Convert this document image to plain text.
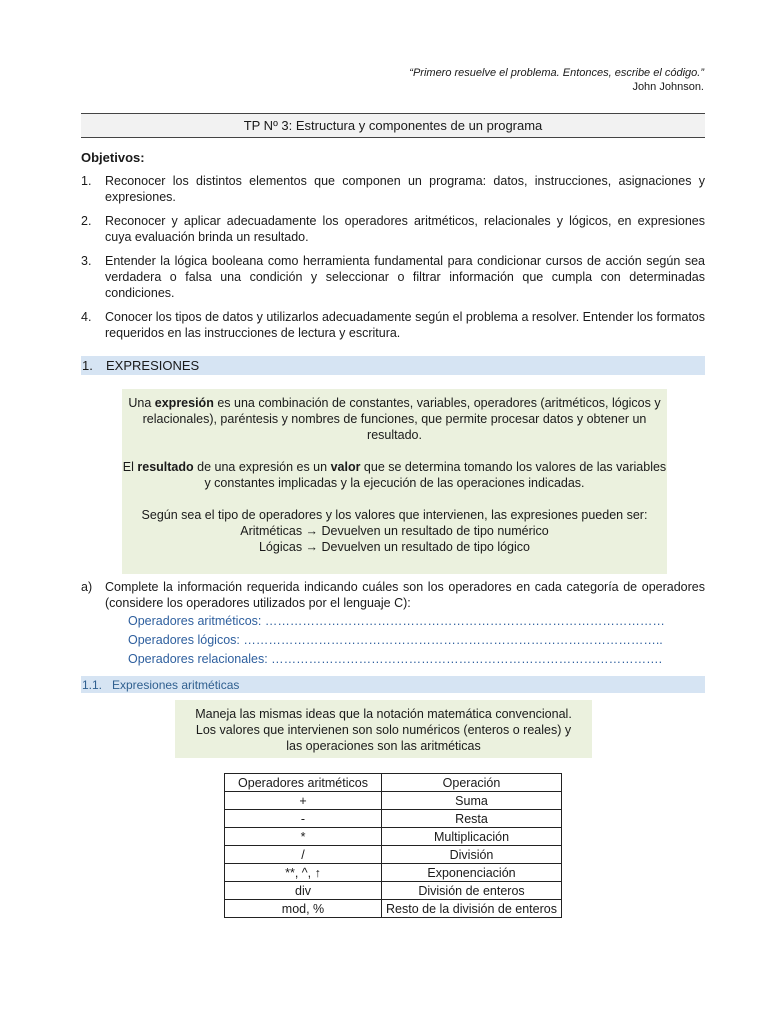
“Primero resuelve el problema. Entonces, escribe el código.”
John Johnson.
TP Nº 3: Estructura y componentes de un programa
Objetivos:
1.	Reconocer los distintos elementos que componen un programa: datos, instrucciones, asignaciones y expresiones.
2.	Reconocer y aplicar adecuadamente los operadores aritméticos, relacionales y lógicos, en expresiones cuya evaluación brinda un resultado.
3.	Entender la lógica booleana como herramienta fundamental para condicionar cursos de acción según sea verdadera o falsa una condición y seleccionar o filtrar información que cumpla con determinadas condiciones.
4.	Conocer los tipos de datos y utilizarlos adecuadamente según el problema a resolver. Entender los formatos requeridos en las instrucciones de lectura y escritura.
1.	EXPRESIONES

Una expresión es una combinación de constantes, variables, operadores (aritméticos, lógicos y relacionales), paréntesis y nombres de funciones, que permite procesar datos y obtener un resultado.

El resultado de una expresión es un valor que se determina tomando los valores de las variables y constantes implicadas y la ejecución de las operaciones indicadas.

Según sea el tipo de operadores y los valores que intervienen, las expresiones pueden ser:
Aritméticas → Devuelven un resultado de tipo numérico
Lógicas → Devuelven un resultado de tipo lógico
a)	Complete la información requerida indicando cuáles son los operadores en cada categoría de operadores (considere los operadores utilizados por el lenguaje C):
Operadores aritméticos: ……………………………………………………………………………………
Operadores lógicos: ………………………………………………………………………………………..
Operadores relacionales: ………………………………………………………………………………….
1.1. Expresiones aritméticas
Maneja las mismas ideas que la notación matemática convencional.
Los valores que intervienen son solo numéricos (enteros o reales) y
las operaciones son las aritméticas
Operadores aritméticos	Operación
+	Suma
-	Resta
*	Multiplicación
/	División
**, ^, ↑	Exponenciación
div	División de enteros
mod, %	Resto de la división de enteros
